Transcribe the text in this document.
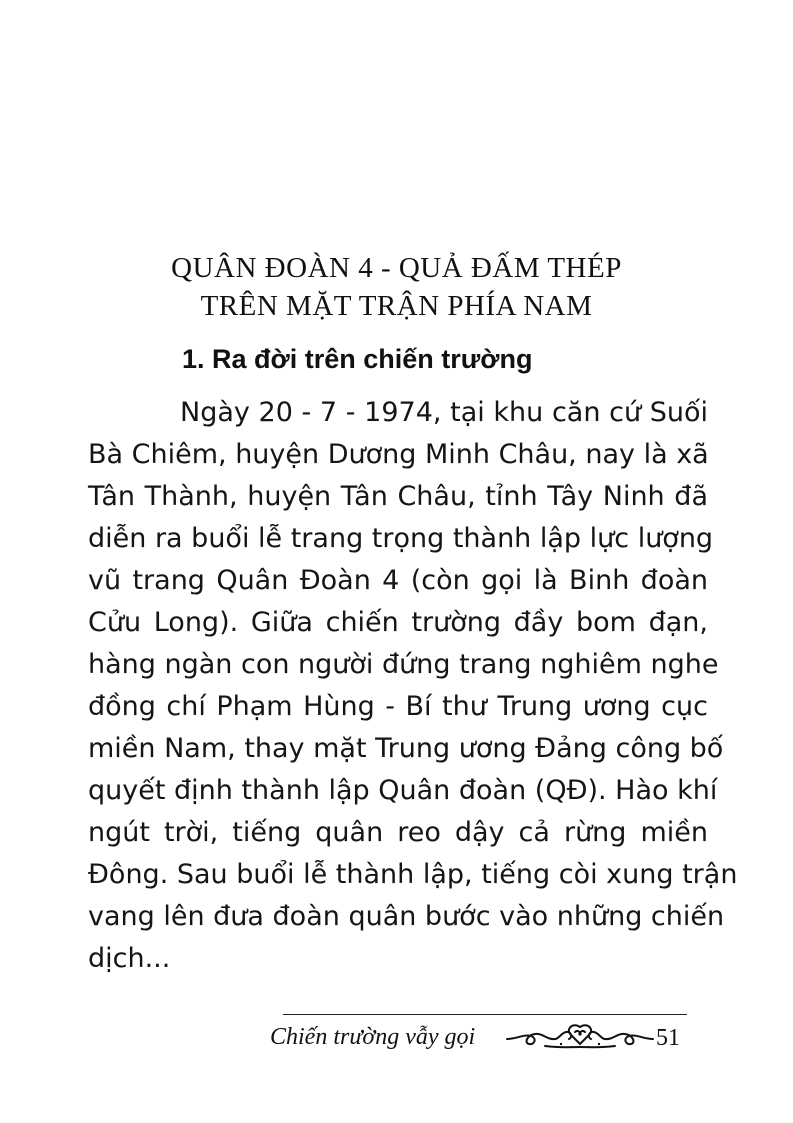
QUÂN ĐOÀN 4 - QUẢ ĐẤM THÉP
TRÊN MẶT TRẬN PHÍA NAM
1. Ra đời trên chiến trường
Ngày 20 - 7 - 1974, tại khu căn cứ Suối
Bà Chiêm, huyện Dương Minh Châu, nay là xã
Tân Thành, huyện Tân Châu, tỉnh Tây Ninh đã
diễn ra buổi lễ trang trọng thành lập lực lượng
vũ trang Quân Đoàn 4 (còn gọi là Binh đoàn
Cửu Long). Giữa chiến trường đầy bom đạn,
hàng ngàn con người đứng trang nghiêm nghe
đồng chí Phạm Hùng - Bí thư Trung ương cục
miền Nam, thay mặt Trung ương Đảng công bố
quyết định thành lập Quân đoàn (QĐ). Hào khí
ngút trời, tiếng quân reo dậy cả rừng miền
Đông. Sau buổi lễ thành lập, tiếng còi xung trận
vang lên đưa đoàn quân bước vào những chiến
dịch...
Chiến trường vẫy gọi	51
